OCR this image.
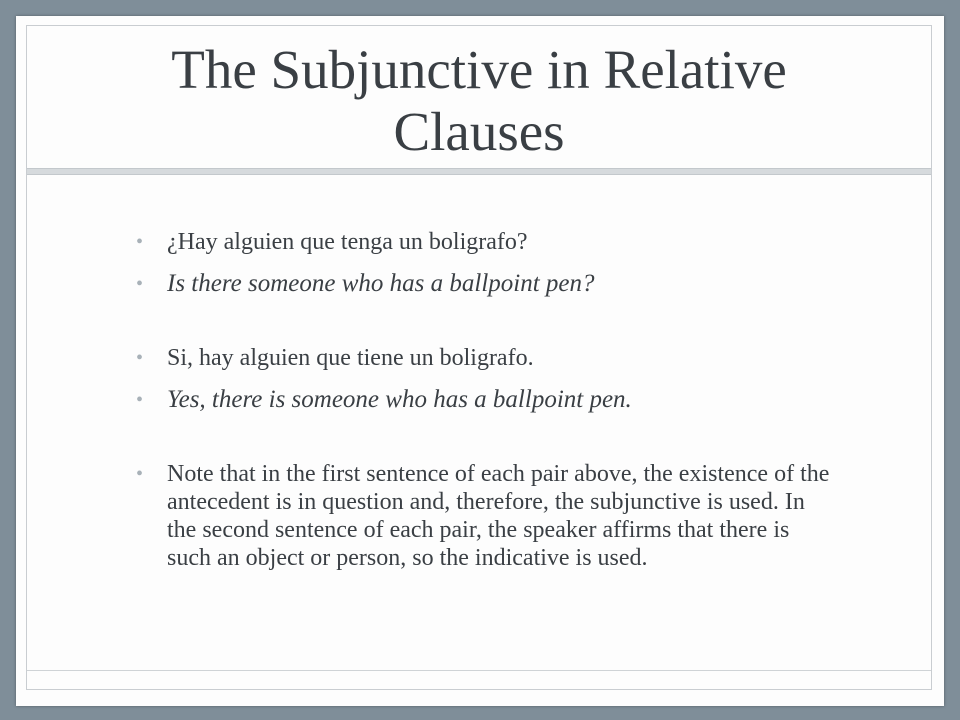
The Subjunctive in Relative Clauses
• ¿Hay alguien que tenga un boligrafo?
• Is there someone who has a ballpoint pen?
• Si, hay alguien que tiene un boligrafo.
• Yes, there is someone who has a ballpoint pen.
• Note that in the first sentence of each pair above, the existence of the antecedent is in question and, therefore, the subjunctive is used. In the second sentence of each pair, the speaker affirms that there is such an object or person, so the indicative is used.
